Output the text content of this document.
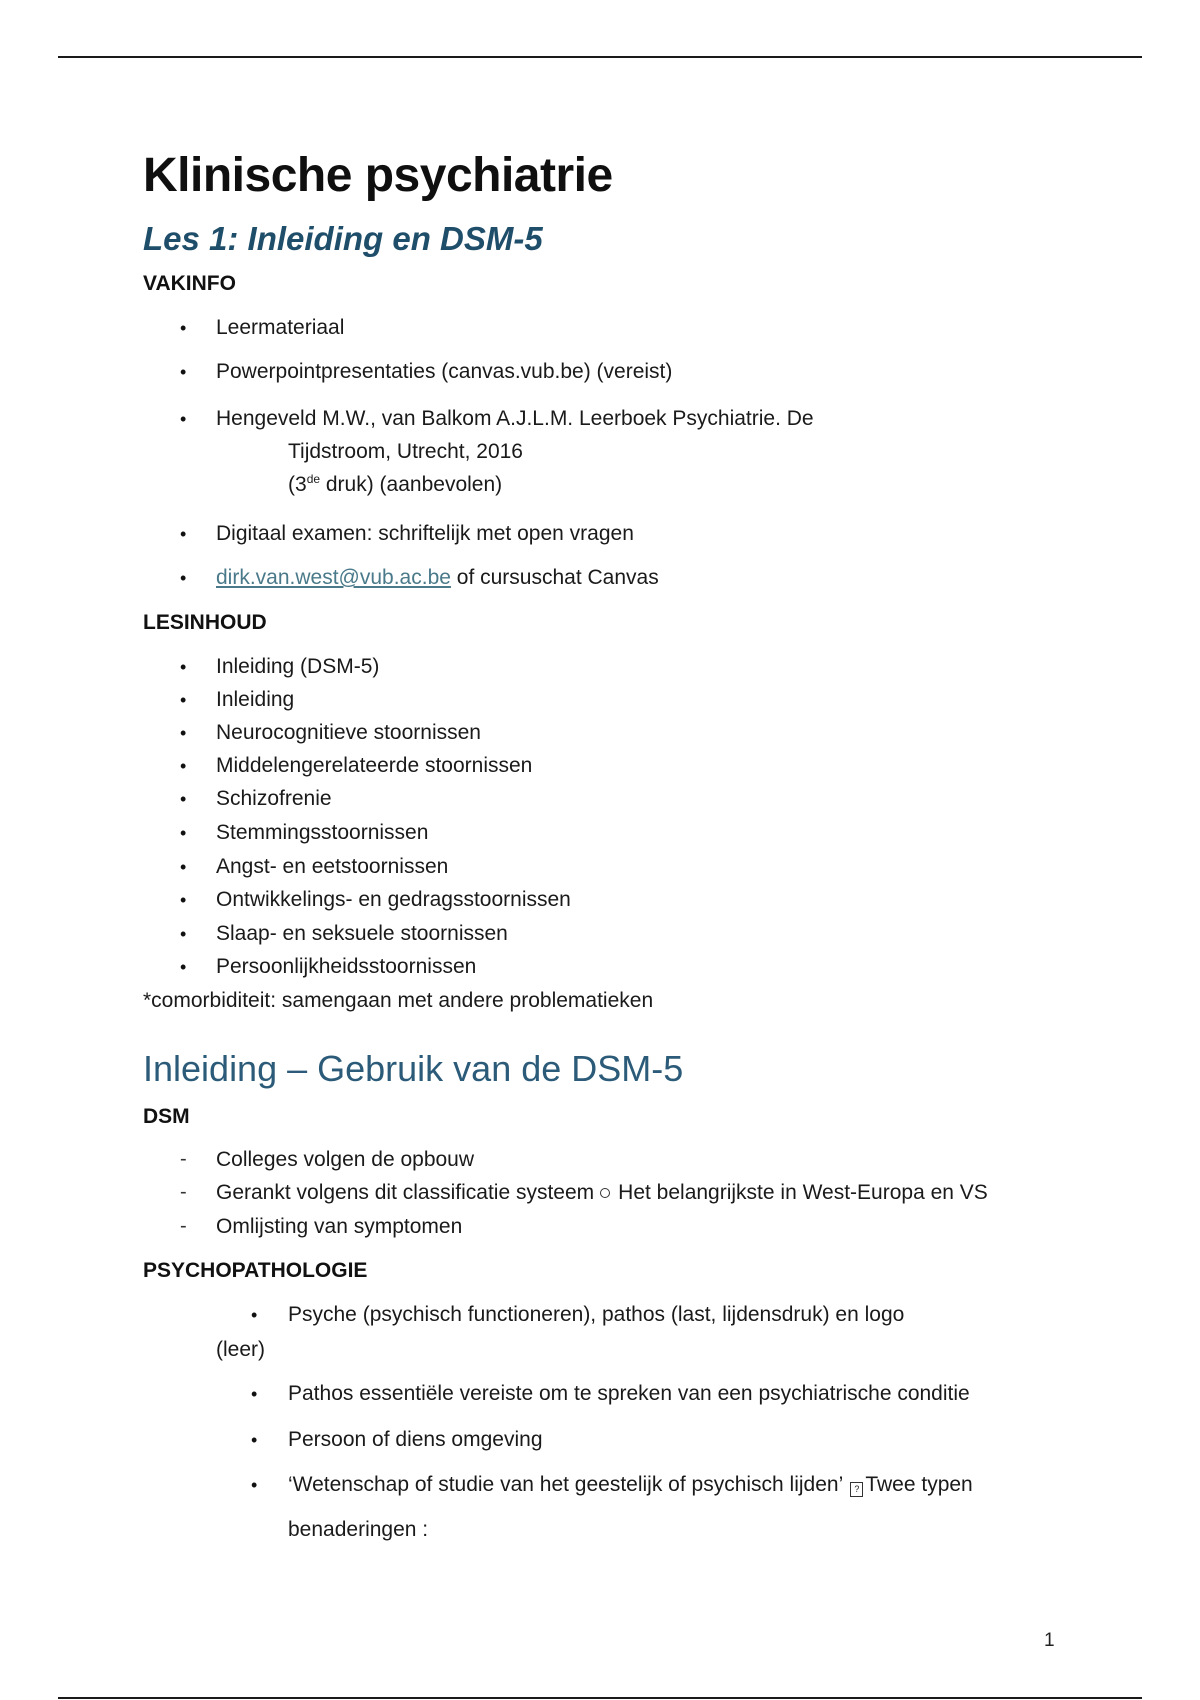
Klinische psychiatrie
Les 1: Inleiding en DSM-5
VAKINFO
• Leermateriaal
• Powerpointpresentaties (canvas.vub.be) (vereist)
• Hengeveld M.W., van Balkom A.J.L.M. Leerboek Psychiatrie. De
Tijdstroom, Utrecht, 2016
(3de druk) (aanbevolen)
• Digitaal examen: schriftelijk met open vragen
• dirk.van.west@vub.ac.be of cursuschat Canvas
LESINHOUD
• Inleiding (DSM-5)
• Inleiding
• Neurocognitieve stoornissen
• Middelengerelateerde stoornissen
• Schizofrenie
• Stemmingsstoornissen
• Angst- en eetstoornissen
• Ontwikkelings- en gedragsstoornissen
• Slaap- en seksuele stoornissen
• Persoonlijkheidsstoornissen
*comorbiditeit: samengaan met andere problematieken
Inleiding – Gebruik van de DSM-5
DSM
- Colleges volgen de opbouw
- Gerankt volgens dit classificatie systeem Het belangrijkste in West-Europa en VS
- Omlijsting van symptomen
PSYCHOPATHOLOGIE
• Psyche (psychisch functioneren), pathos (last, lijdensdruk) en logo
(leer)
• Pathos essentiële vereiste om te spreken van een psychiatrische conditie
• Persoon of diens omgeving
• ‘Wetenschap of studie van het geestelijk of psychisch lijden’ ? Twee typen
benaderingen :
1
